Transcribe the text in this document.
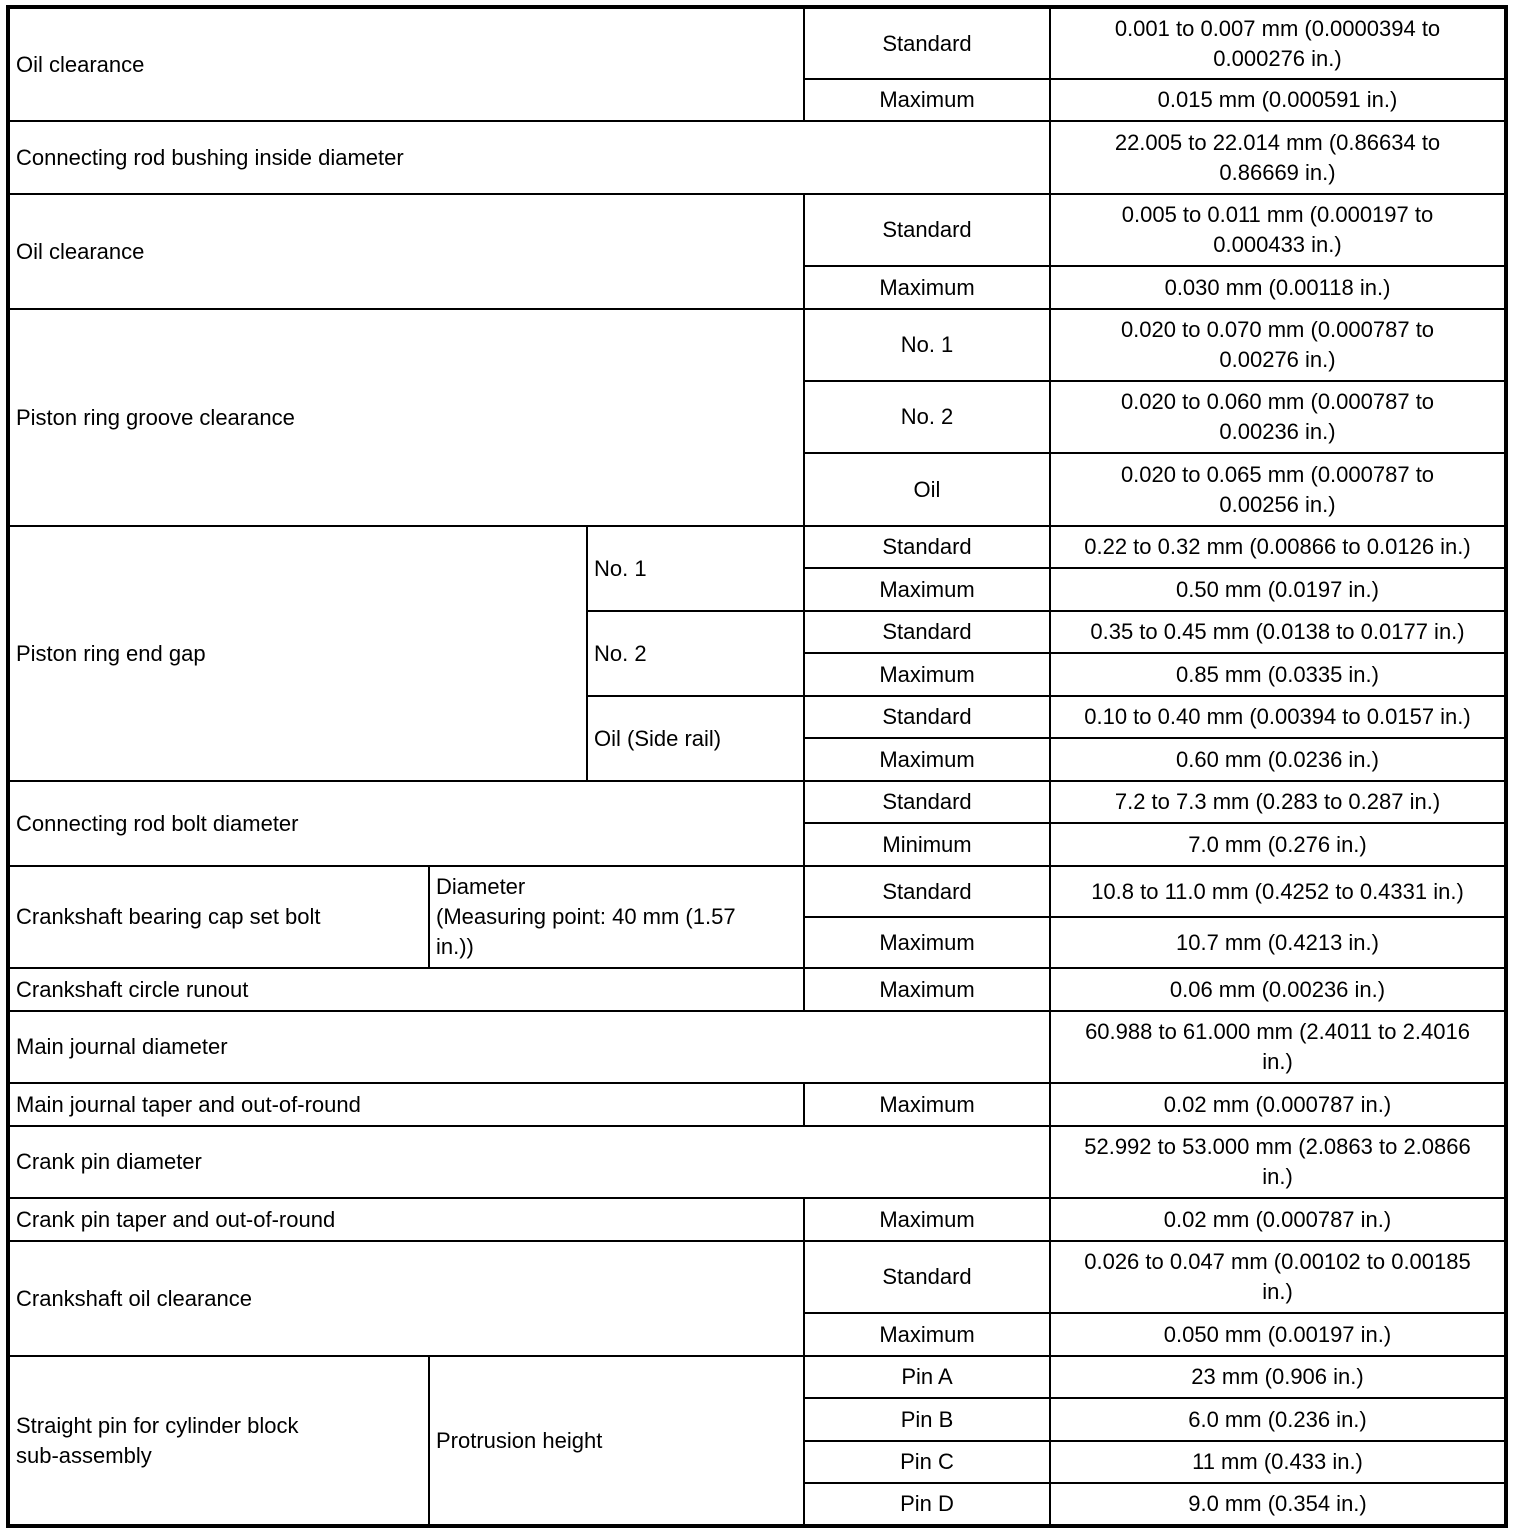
Oil clearance			Standard	0.001 to 0.007 mm (0.0000394 to
0.000276 in.)

			Maximum	0.015 mm (0.000591 in.)
Connecting rod bushing inside diameter				22.005 to 22.014 mm (0.86634 to
0.86669 in.)

Oil clearance			Standard	0.005 to 0.011 mm (0.000197 to
0.000433 in.)

			Maximum	0.030 mm (0.00118 in.)
Piston ring groove clearance			No. 1	0.020 to 0.070 mm (0.000787 to
0.00276 in.)

			No. 2	0.020 to 0.060 mm (0.000787 to
0.00236 in.)

			Oil	0.020 to 0.065 mm (0.000787 to
0.00256 in.)

Piston ring end gap		No. 1	Standard	0.22 to 0.32 mm (0.00866 to 0.0126 in.)
			Maximum	0.50 mm (0.0197 in.)
		No. 2	Standard	0.35 to 0.45 mm (0.0138 to 0.0177 in.)
			Maximum	0.85 mm (0.0335 in.)
		Oil (Side rail)	Standard	0.10 to 0.40 mm (0.00394 to 0.0157 in.)
			Maximum	0.60 mm (0.0236 in.)
Connecting rod bolt diameter			Standard	7.2 to 7.3 mm (0.283 to 0.287 in.)
			Minimum	7.0 mm (0.276 in.)
Crankshaft bearing cap set bolt	Diameter
(Measuring point: 40 mm (1.57
in.))		Standard	10.8 to 11.0 mm (0.4252 to 0.4331 in.)
			Maximum	10.7 mm (0.4213 in.)
Crankshaft circle runout			Maximum	0.06 mm (0.00236 in.)
Main journal diameter				60.988 to 61.000 mm (2.4011 to 2.4016
in.)

Main journal taper and out-of-round			Maximum	0.02 mm (0.000787 in.)
Crank pin diameter				52.992 to 53.000 mm (2.0863 to 2.0866
in.)

Crank pin taper and out-of-round			Maximum	0.02 mm (0.000787 in.)
Crankshaft oil clearance			Standard	0.026 to 0.047 mm (0.00102 to 0.00185
in.)

			Maximum	0.050 mm (0.00197 in.)

Straight pin for cylinder block
sub-assembly	Protrusion height		Pin A	23 mm (0.906 in.)
			Pin B	6.0 mm (0.236 in.)
			Pin C	11 mm (0.433 in.)
			Pin D	9.0 mm (0.354 in.)
